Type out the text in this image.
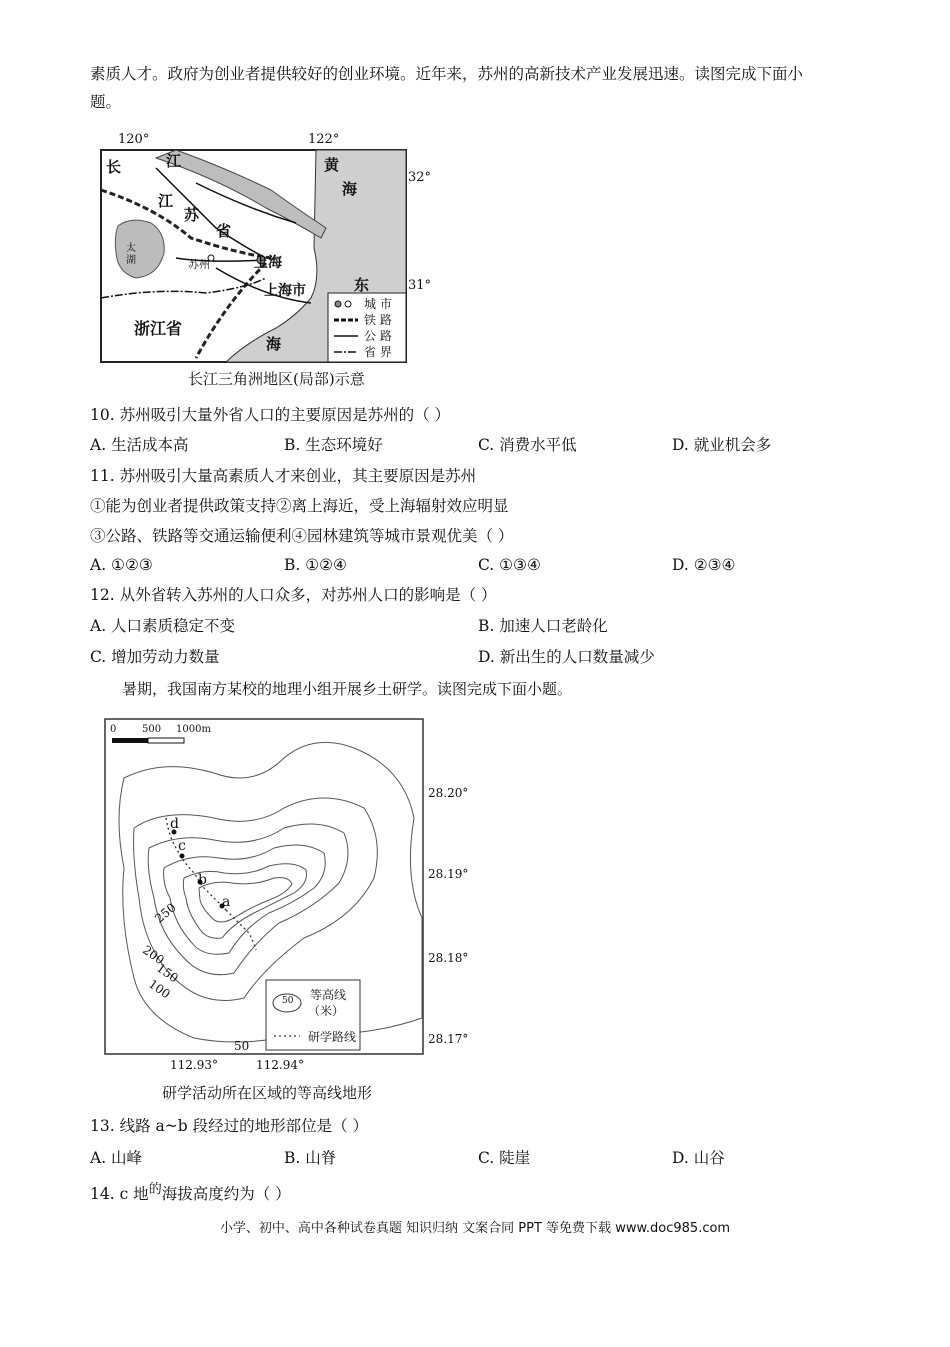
素质人才。政府为创业者提供较好的创业环境。近年来，苏州的高新技术产业发展迅速。读图完成下面小
题。
120°	122°
32°
31°
长	江
江
苏
省
黄
海
太湖	苏州	上海
上海市	东
浙江省
海
城 市
铁 路
公 路
省 界
长江三角洲地区(局部)示意
10. 苏州吸引大量外省人口的主要原因是苏州的（ ）
A. 生活成本高	B. 生态环境好	C. 消费水平低	D. 就业机会多
11. 苏州吸引大量高素质人才来创业，其主要原因是苏州
①能为创业者提供政策支持②离上海近，受上海辐射效应明显
③公路、铁路等交通运输便利④园林建筑等城市景观优美（ ）
A. ①②③	B. ①②④	C. ①③④	D. ②③④
12. 从外省转入苏州的人口众多，对苏州人口的影响是（ ）
A. 人口素质稳定不变	B. 加速人口老龄化
C. 增加劳动力数量	D. 新出生的人口数量减少
暑期，我国南方某校的地理小组开展乡土研学。读图完成下面小题。
0	500 1000m
d
c
b
a
250
200
150
100
50
28.20°
28.19°
28.18°
28.17°
112.93°	112.94°
50 等高线
（米）
研学路线
研学活动所在区域的等高线地形
13. 线路 a~b 段经过的地形部位是（ ）
A. 山峰	B. 山脊	C. 陡崖	D. 山谷
14. c 地$^的$海拔高度约为（ ）
小学、初中、高中各种试卷真题 知识归纳 文案合同 PPT 等免费下载 www.doc985.com
